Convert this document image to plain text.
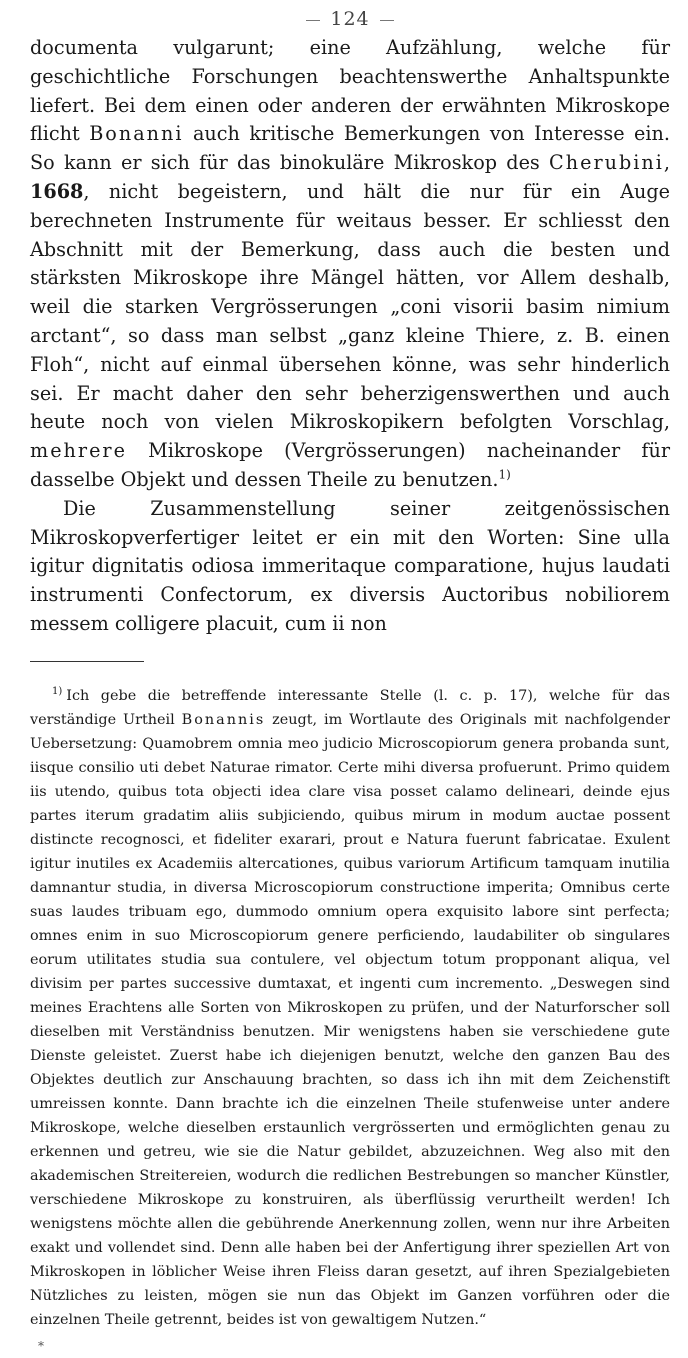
124

documenta vulgarunt; eine Aufzählung, welche für geschichtliche Forschungen beachtenswerthe Anhaltspunkte liefert. Bei dem einen oder anderen der erwähnten Mikroskope flicht Bonanni auch kritische Bemerkungen von Interesse ein. So kann er sich für das binokuläre Mikroskop des Cherubini, 1668, nicht begeistern, und hält die nur für ein Auge berechneten Instrumente für weitaus besser. Er schliesst den Abschnitt mit der Bemerkung, dass auch die besten und stärksten Mikroskope ihre Mängel hätten, vor Allem deshalb, weil die starken Vergrösserungen „coni visorii basim nimium arctant“, so dass man selbst „ganz kleine Thiere, z. B. einen Floh“, nicht auf einmal übersehen könne, was sehr hinderlich sei. Er macht daher den sehr beherzigenswerthen und auch heute noch von vielen Mikroskopikern befolgten Vorschlag, mehrere Mikroskope (Vergrösserungen) nacheinander für dasselbe Objekt und dessen Theile zu benutzen.$^{1)}$

Die Zusammenstellung seiner zeitgenössischen Mikroskopverfertiger leitet er ein mit den Worten: Sine ulla igitur dignitatis odiosa immeritaque comparatione, hujus laudati instrumenti Confectorum, ex diversis Auctoribus nobiliorem messem colligere placuit, cum ii non

$^{1)}$ Ich gebe die betreffende interessante Stelle (l. c. p. 17), welche für das verständige Urtheil Bonannis zeugt, im Wortlaute des Originals mit nachfolgender Uebersetzung: Quamobrem omnia meo judicio Microscopiorum genera probanda sunt, iisque consilio uti debet Naturae rimator. Certe mihi diversa profuerunt. Primo quidem iis utendo, quibus tota objecti idea clare visa posset calamo delineari, deinde ejus partes iterum gradatim aliis subjiciendo, quibus mirum in modum auctae possent distincte recognosci, et fideliter exarari, prout e Natura fuerunt fabricatae. Exulent igitur inutiles ex Academiis altercationes, quibus variorum Artificum tamquam inutilia damnantur studia, in diversa Microscopiorum constructione imperita; Omnibus certe suas laudes tribuam ego, dummodo omnium opera exquisito labore sint perfecta; omnes enim in suo Microscopiorum genere perficiendo, laudabiliter ob singulares eorum utilitates studia sua contulere, vel objectum totum propponant aliqua, vel divisim per partes successive dumtaxat, et ingenti cum incremento. „Deswegen sind meines Erachtens alle Sorten von Mikroskopen zu prüfen, und der Naturforscher soll dieselben mit Verständniss benutzen. Mir wenigstens haben sie verschiedene gute Dienste geleistet. Zuerst habe ich diejenigen benutzt, welche den ganzen Bau des Objektes deutlich zur Anschauung brachten, so dass ich ihn mit dem Zeichenstift umreissen konnte. Dann brachte ich die einzelnen Theile stufenweise unter andere Mikroskope, welche dieselben erstaunlich vergrösserten und ermöglichten genau zu erkennen und getreu, wie sie die Natur gebildet, abzuzeichnen. Weg also mit den akademischen Streitereien, wodurch die redlichen Bestrebungen so mancher Künstler, verschiedene Mikroskope zu konstruiren, als überflüssig verurtheilt werden! Ich wenigstens möchte allen die gebührende Anerkennung zollen, wenn nur ihre Arbeiten exakt und vollendet sind. Denn alle haben bei der Anfertigung ihrer speziellen Art von Mikroskopen in löblicher Weise ihren Fleiss daran gesetzt, auf ihren Spezialgebieten Nützliches zu leisten, mögen sie nun das Objekt im Ganzen vorführen oder die einzelnen Theile getrennt, beides ist von gewaltigem Nutzen.“

*
